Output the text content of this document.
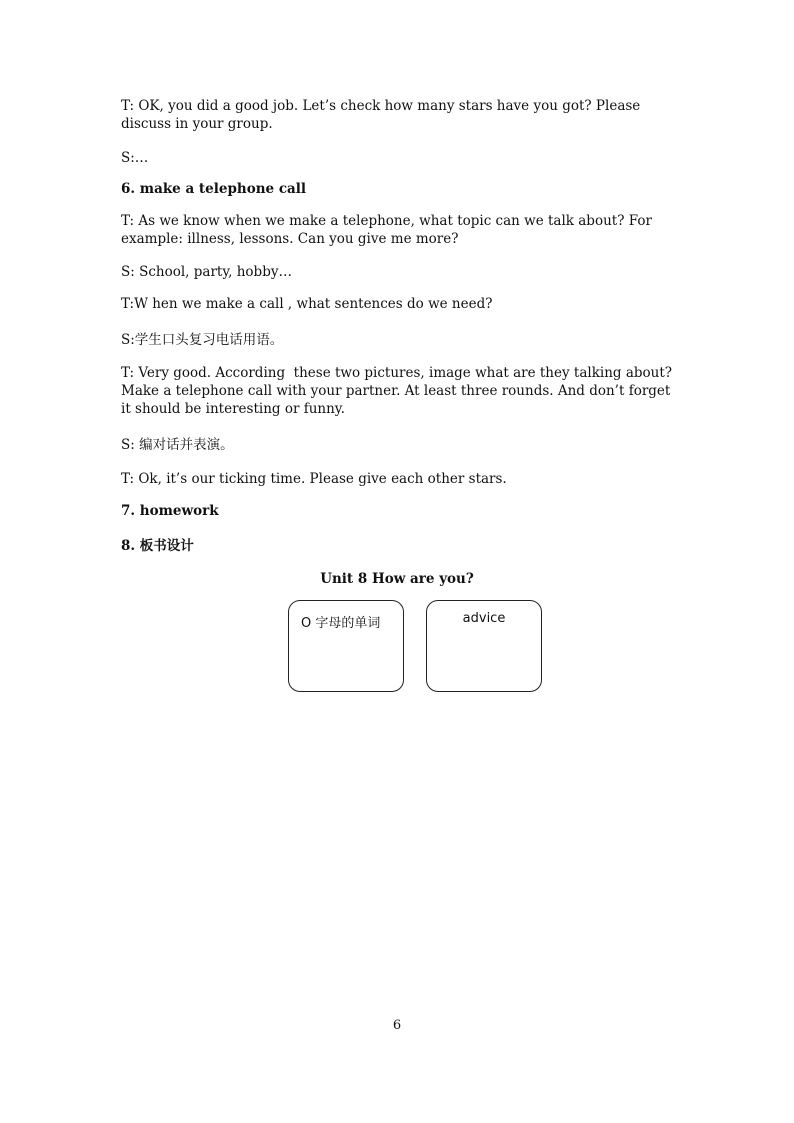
T: OK, you did a good job. Let’s check how many stars have you got? Please
discuss in your group.

S:…

6. make a telephone call

T: As we know when we make a telephone, what topic can we talk about? For
example: illness, lessons. Can you give me more?

S: School, party, hobby…

T:W hen we make a call , what sentences do we need?

S:学生口头复习电话用语。

T: Very good. According  these two pictures, image what are they talking about?
Make a telephone call with your partner. At least three rounds. And don’t forget
it should be interesting or funny.

S: 编对话并表演。

T: Ok, it’s our ticking time. Please give each other stars.

7. homework

8. 板书设计

Unit 8 How are you?
O 字母的单词	advice
6
